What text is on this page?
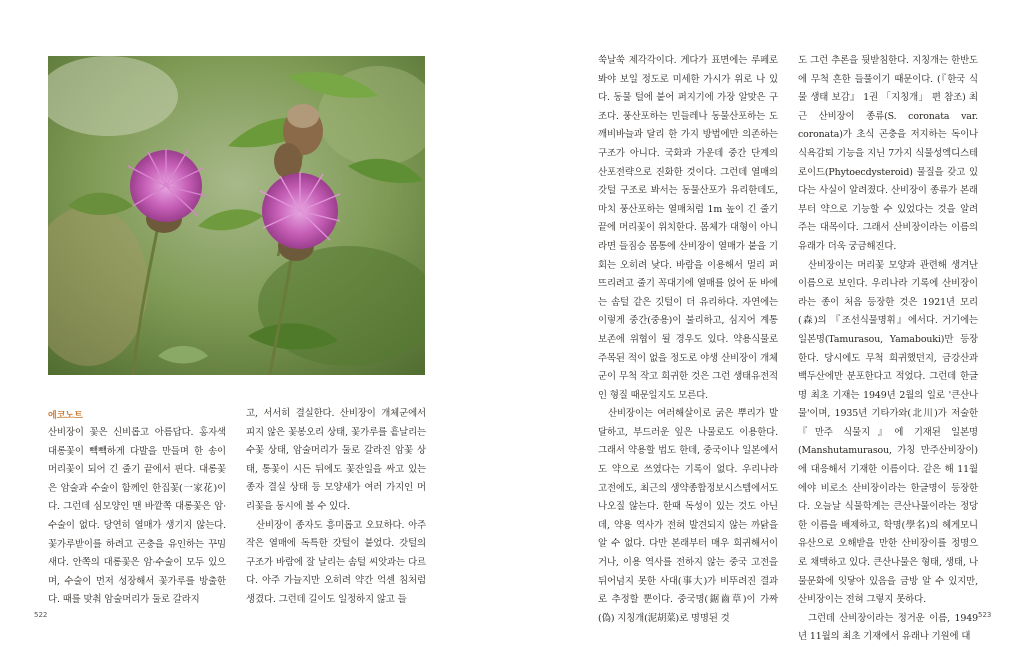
에코노트

산비장이 꽃은 신비롭고 아름답다. 홍자색 대롱꽃이 빽빽하게 다발을 만들며 한 송이 머리꽃이 되어 긴 줄기 끝에서 핀다. 대롱꽃은 암술과 수술이 함께인 한집꽃(一家花)이다. 그런데 심모양인 맨 바깥쪽 대롱꽃은 암·수술이 없다. 당연히 열매가 생기지 않는다. 꽃가루받이를 하려고 곤충을 유인하는 꾸밈새다. 안쪽의 대롱꽃은 암·수술이 모두 있으며, 수술이 먼저 성장해서 꽃가루를 방출한다. 때를 맞춰 암술머리가 둘로 갈라지

고, 서서히 결실한다. 산비장이 개체군에서 피지 않은 꽃봉오리 상태, 꽃가루를 흩날리는 수꽃 상태, 암술머리가 둘로 갈라진 암꽃 상태, 통꽃이 시든 뒤에도 꽃잔일을 싸고 있는 종자 결실 상태 등 모양새가 여러 가지인 머리꽃을 동시에 볼 수 있다.

산비장이 종자도 흥미롭고 오묘하다. 아주 작은 열매에 독특한 갓털이 붙었다. 갓털의 구조가 바람에 잘 날리는 솜털 씨앗과는 다르다. 아주 가늘지만 오히려 약간 억센 침처럼 생겼다. 그런데 길이도 일정하지 않고 들

522

쑥날쑥 제각각이다. 게다가 표면에는 루페로 봐야 보일 정도로 미세한 가시가 위로 나 있다. 동물 털에 붙어 퍼지기에 가장 알맞은 구조다. 풍산포하는 민들레나 동물산포하는 도깨비바늘과 달리 한 가지 방법에만 의존하는 구조가 아니다. 국화과 가운데 중간 단계의 산포전략으로 진화한 것이다. 그런데 열매의 갓털 구조로 봐서는 동물산포가 유리한데도, 마치 풍산포하는 열매처럼 1m 높이 긴 줄기 끝에 머리꽃이 위치한다. 몸체가 대형이 아니라면 들짐승 몸통에 산비장이 열매가 붙을 기회는 오히려 낮다. 바람을 이용해서 멀리 퍼뜨리려고 줄기 꼭대기에 열매를 얹어 둔 바에는 솜털 같은 깃털이 더 유리하다. 자연에는 이렇게 중간(중용)이 불리하고, 심지어 계통 보존에 위협이 될 경우도 있다. 약용식물로 주목된 적이 없을 정도로 야생 산비장이 개체군이 무척 작고 희귀한 것은 그런 생태유전적인 형질 때문일지도 모른다.

산비장이는 여러해살이로 굵은 뿌리가 발달하고, 부드러운 잎은 나물로도 이용한다. 그래서 약용할 법도 한데, 중국이나 일본에서도 약으로 쓰였다는 기록이 없다. 우리나라 고전에도, 최근의 생약종합정보시스템에서도 나오질 않는다. 한때 독성이 있는 것도 아닌데, 약용 역사가 전혀 발견되지 않는 까닭을 알 수 없다. 다만 본래부터 매우 희귀해서이거나, 이용 역사를 전하지 않는 중국 고전을 뒤어넘지 못한 사대(事大)가 비뚜려진 결과로 추정할 뿐이다. 중국명(鋸齒草)이 가짜(偽) 지칭개(泥胡菜)로 명명된 것

도 그런 추론을 뒷받침한다. 지칭개는 한반도에 무척 흔한 들풀이기 때문이다. (『한국 식물 생태 보감』 1권 「지칭개」 편 참조) 최근 산비장이 종류(S. coronata var. coronata)가 초식 곤충을 저지하는 독이나 식욕감퇴 기능을 지닌 7가지 식물성엑디스테로이드(Phytoecdysteroid) 물질을 갖고 있다는 사실이 알려졌다. 산비장이 종류가 본래부터 약으로 기능할 수 있었다는 것을 알려 주는 대목이다. 그래서 산비장이라는 이름의 유래가 더욱 궁금해진다.

산비장이는 머리꽃 모양과 관련해 생겨난 이름으로 보인다. 우리나라 기록에 산비장이라는 종이 처음 등장한 것은 1921년 모리(森)의 『조선식물명휘』에서다. 거기에는 일본명(Tamurasou, Yamabouki)만 등장한다. 당시에도 무척 희귀했던지, 금강산과 백두산에만 분포한다고 적었다. 그런데 한글명 최초 기재는 1949년 2월의 일로 '큰산나물'이며, 1935년 기타가와(北川)가 저술한 『만주 식물지』에 기재된 일본명(Manshutamurasou, 가칭 만주산비장이)에 대응해서 기재한 이름이다. 같은 해 11월에야 비로소 산비장이라는 한글명이 등장한다. 오늘날 식물학계는 큰산나물이라는 정당한 이름을 배제하고, 학명(學名)의 헤게모니 유산으로 오해받을 만한 산비장이를 정명으로 채택하고 있다. 큰산나물은 형태, 생태, 나물문화에 잇닿아 있음을 금방 알 수 있지만, 산비장이는 전혀 그렇지 못하다.

그런데 산비장이라는 정거운 이름, 1949년 11월의 최초 기재에서 유래나 기원에 대

523
